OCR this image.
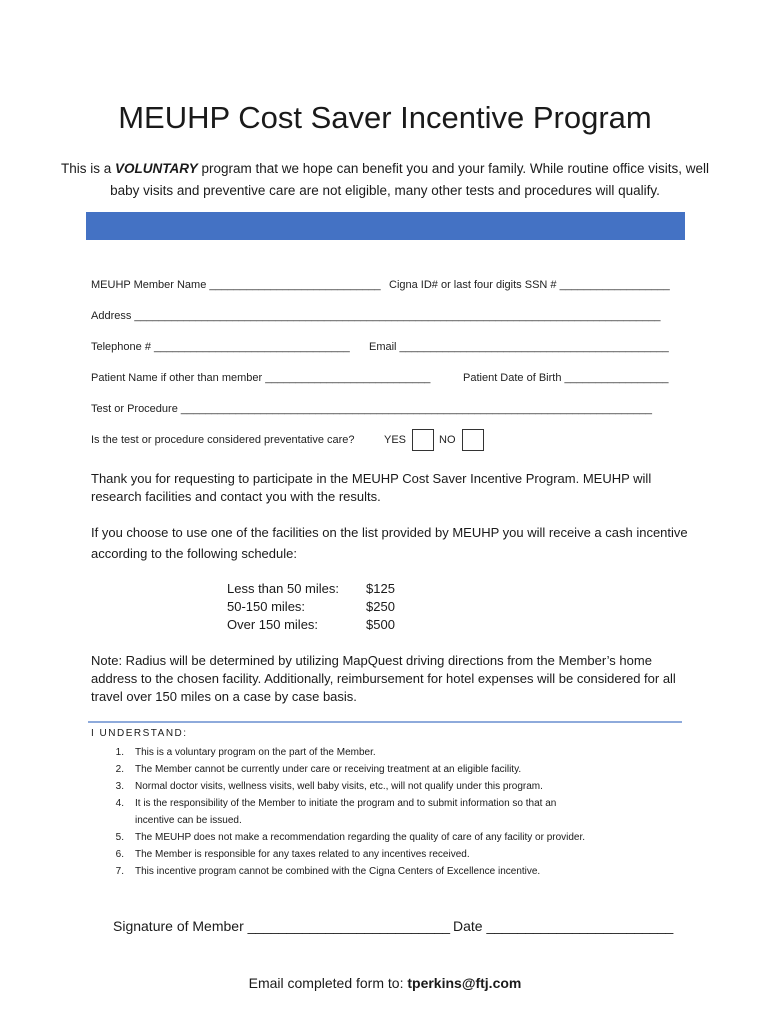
MEUHP Cost Saver Incentive Program
This is a VOLUNTARY program that we hope can benefit you and your family. While routine office visits, well baby visits and preventive care are not eligible, many other tests and procedures will qualify.
MEUHP Member Name ____________________________ Cigna ID# or last four digits SSN # __________________
Address ______________________________________________________________________________________
Telephone # ________________________________ Email ____________________________________________
Patient Name if other than member ___________________________	Patient Date of Birth _________________
Test or Procedure _____________________________________________________________________________
Is the test or procedure considered preventative care?	YES	NO
Thank you for requesting to participate in the MEUHP Cost Saver Incentive Program. MEUHP will research facilities and contact you with the results.
If you choose to use one of the facilities on the list provided by MEUHP you will receive a cash incentive according to the following schedule:
Less than 50 miles: $125
50-150 miles:	$250
Over 150 miles:	$500
Note: Radius will be determined by utilizing MapQuest driving directions from the Member’s home address to the chosen facility. Additionally, reimbursement for hotel expenses will be considered for all travel over 150 miles on a case by case basis.
I UNDERSTAND:
1. This is a voluntary program on the part of the Member.
2. The Member cannot be currently under care or receiving treatment at an eligible facility.
3. Normal doctor visits, wellness visits, well baby visits, etc., will not qualify under this program.
4. It is the responsibility of the Member to initiate the program and to submit information so that an
incentive can be issued.
5. The MEUHP does not make a recommendation regarding the quality of care of any facility or provider.
6. The Member is responsible for any taxes related to any incentives received.
7. This incentive program cannot be combined with the Cigna Centers of Excellence incentive.
Signature of Member __________________________ Date ________________________
Email completed form to: tperkins@ftj.com
